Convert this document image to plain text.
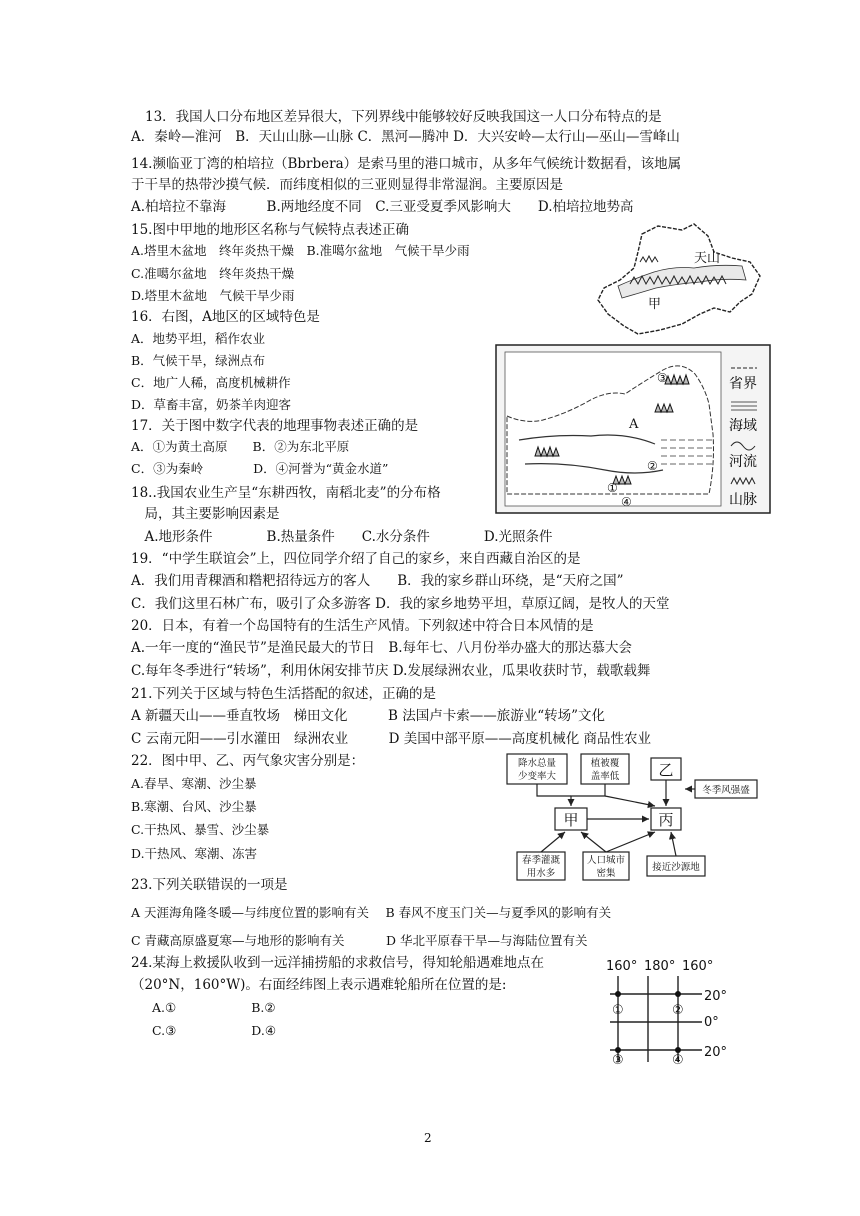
13．我国人口分布地区差异很大，下列界线中能够较好反映我国这一人口分布特点的是
A．秦岭—淮河　B．天山山脉—山脉 C．黑河—腾冲 D．大兴安岭—太行山—巫山—雪峰山
14.濒临亚丁湾的柏培拉（Bbrbera）是索马里的港口城市，从多年气候统计数据看，该地属
于干旱的热带沙摸气候．而纬度相似的三亚则显得非常湿润。主要原因是
A.柏培拉不靠海　　　B.两地经度不同　C.三亚受夏季风影响大　　D.柏培拉地势高
15.图中甲地的地形区名称与气候特点表述正确
A.塔里木盆地　终年炎热干燥　B.准噶尔盆地　气候干旱少雨
C.准噶尔盆地　终年炎热干燥
D.塔里木盆地　气候干旱少雨
16．右图，A地区的区域特色是
A．地势平坦，稻作农业
B．气候干旱，绿洲点布
C．地广人稀，高度机械耕作
D．草畜丰富，奶茶羊肉迎客
17．关于图中数字代表的地理事物表述正确的是
A．①为黄土高原　　B．②为东北平原
C．③为秦岭　　　　D．④河誉为“黄金水道”
18..我国农业生产呈“东耕西牧，南稻北麦”的分布格
　局，其主要影响因素是
　A.地形条件　　　　B.热量条件　　C.水分条件　　　　D.光照条件
19．“中学生联谊会”上，四位同学介绍了自己的家乡，来自西藏自治区的是
A．我们用青稞酒和糌粑招待远方的客人　　B．我的家乡群山环绕，是“天府之国”
C．我们这里石林广布，吸引了众多游客 D．我的家乡地势平坦，草原辽阔，是牧人的天堂
20．日本，有着一个岛国特有的生活生产风情。下列叙述中符合日本风情的是
A.一年一度的“渔民节”是渔民最大的节日　B.每年七、八月份举办盛大的那达慕大会
C.每年冬季进行“转场”，利用休闲安排节庆 D.发展绿洲农业，瓜果收获时节，载歌载舞
21.下列关于区域与特色生活搭配的叙述，正确的是
A 新疆天山——垂直牧场　梯田文化　　　B 法国卢卡索——旅游业“转场”文化
C 云南元阳——引水灌田　绿洲农业　　　D 美国中部平原——高度机械化 商品性农业
22．图中甲、乙、丙气象灾害分别是：
A.春旱、寒潮、沙尘暴
B.寒潮、台风、沙尘暴
C.干热风、暴雪、沙尘暴
D.干热风、寒潮、冻害
23.下列关联错误的一项是
A 天涯海角隆冬暖—与纬度位置的影响有关　 B 春风不度玉门关—与夏季风的影响有关
C 青藏高原盛夏寒—与地形的影响有关　　　 D 华北平原春干旱—与海陆位置有关
24.某海上救援队收到一远洋捕捞船的求救信号，得知轮船遇难地点在
（20°N，160°W)。右面经纬图上表示遇难轮船所在位置的是:
A.①　　　　　　B.②
C.③　　　　　　D.④
2
天山
甲
A
①
②
③
④
省界
海域
河流
山脉
降水总量
少变率大
植被覆
盖率低	乙
冬季风强盛
甲	丙
春季灌溉
用水多
人口城市
密集
接近沙源地
160° 180° 160°
20°
0°
20°
①	②
③	④
